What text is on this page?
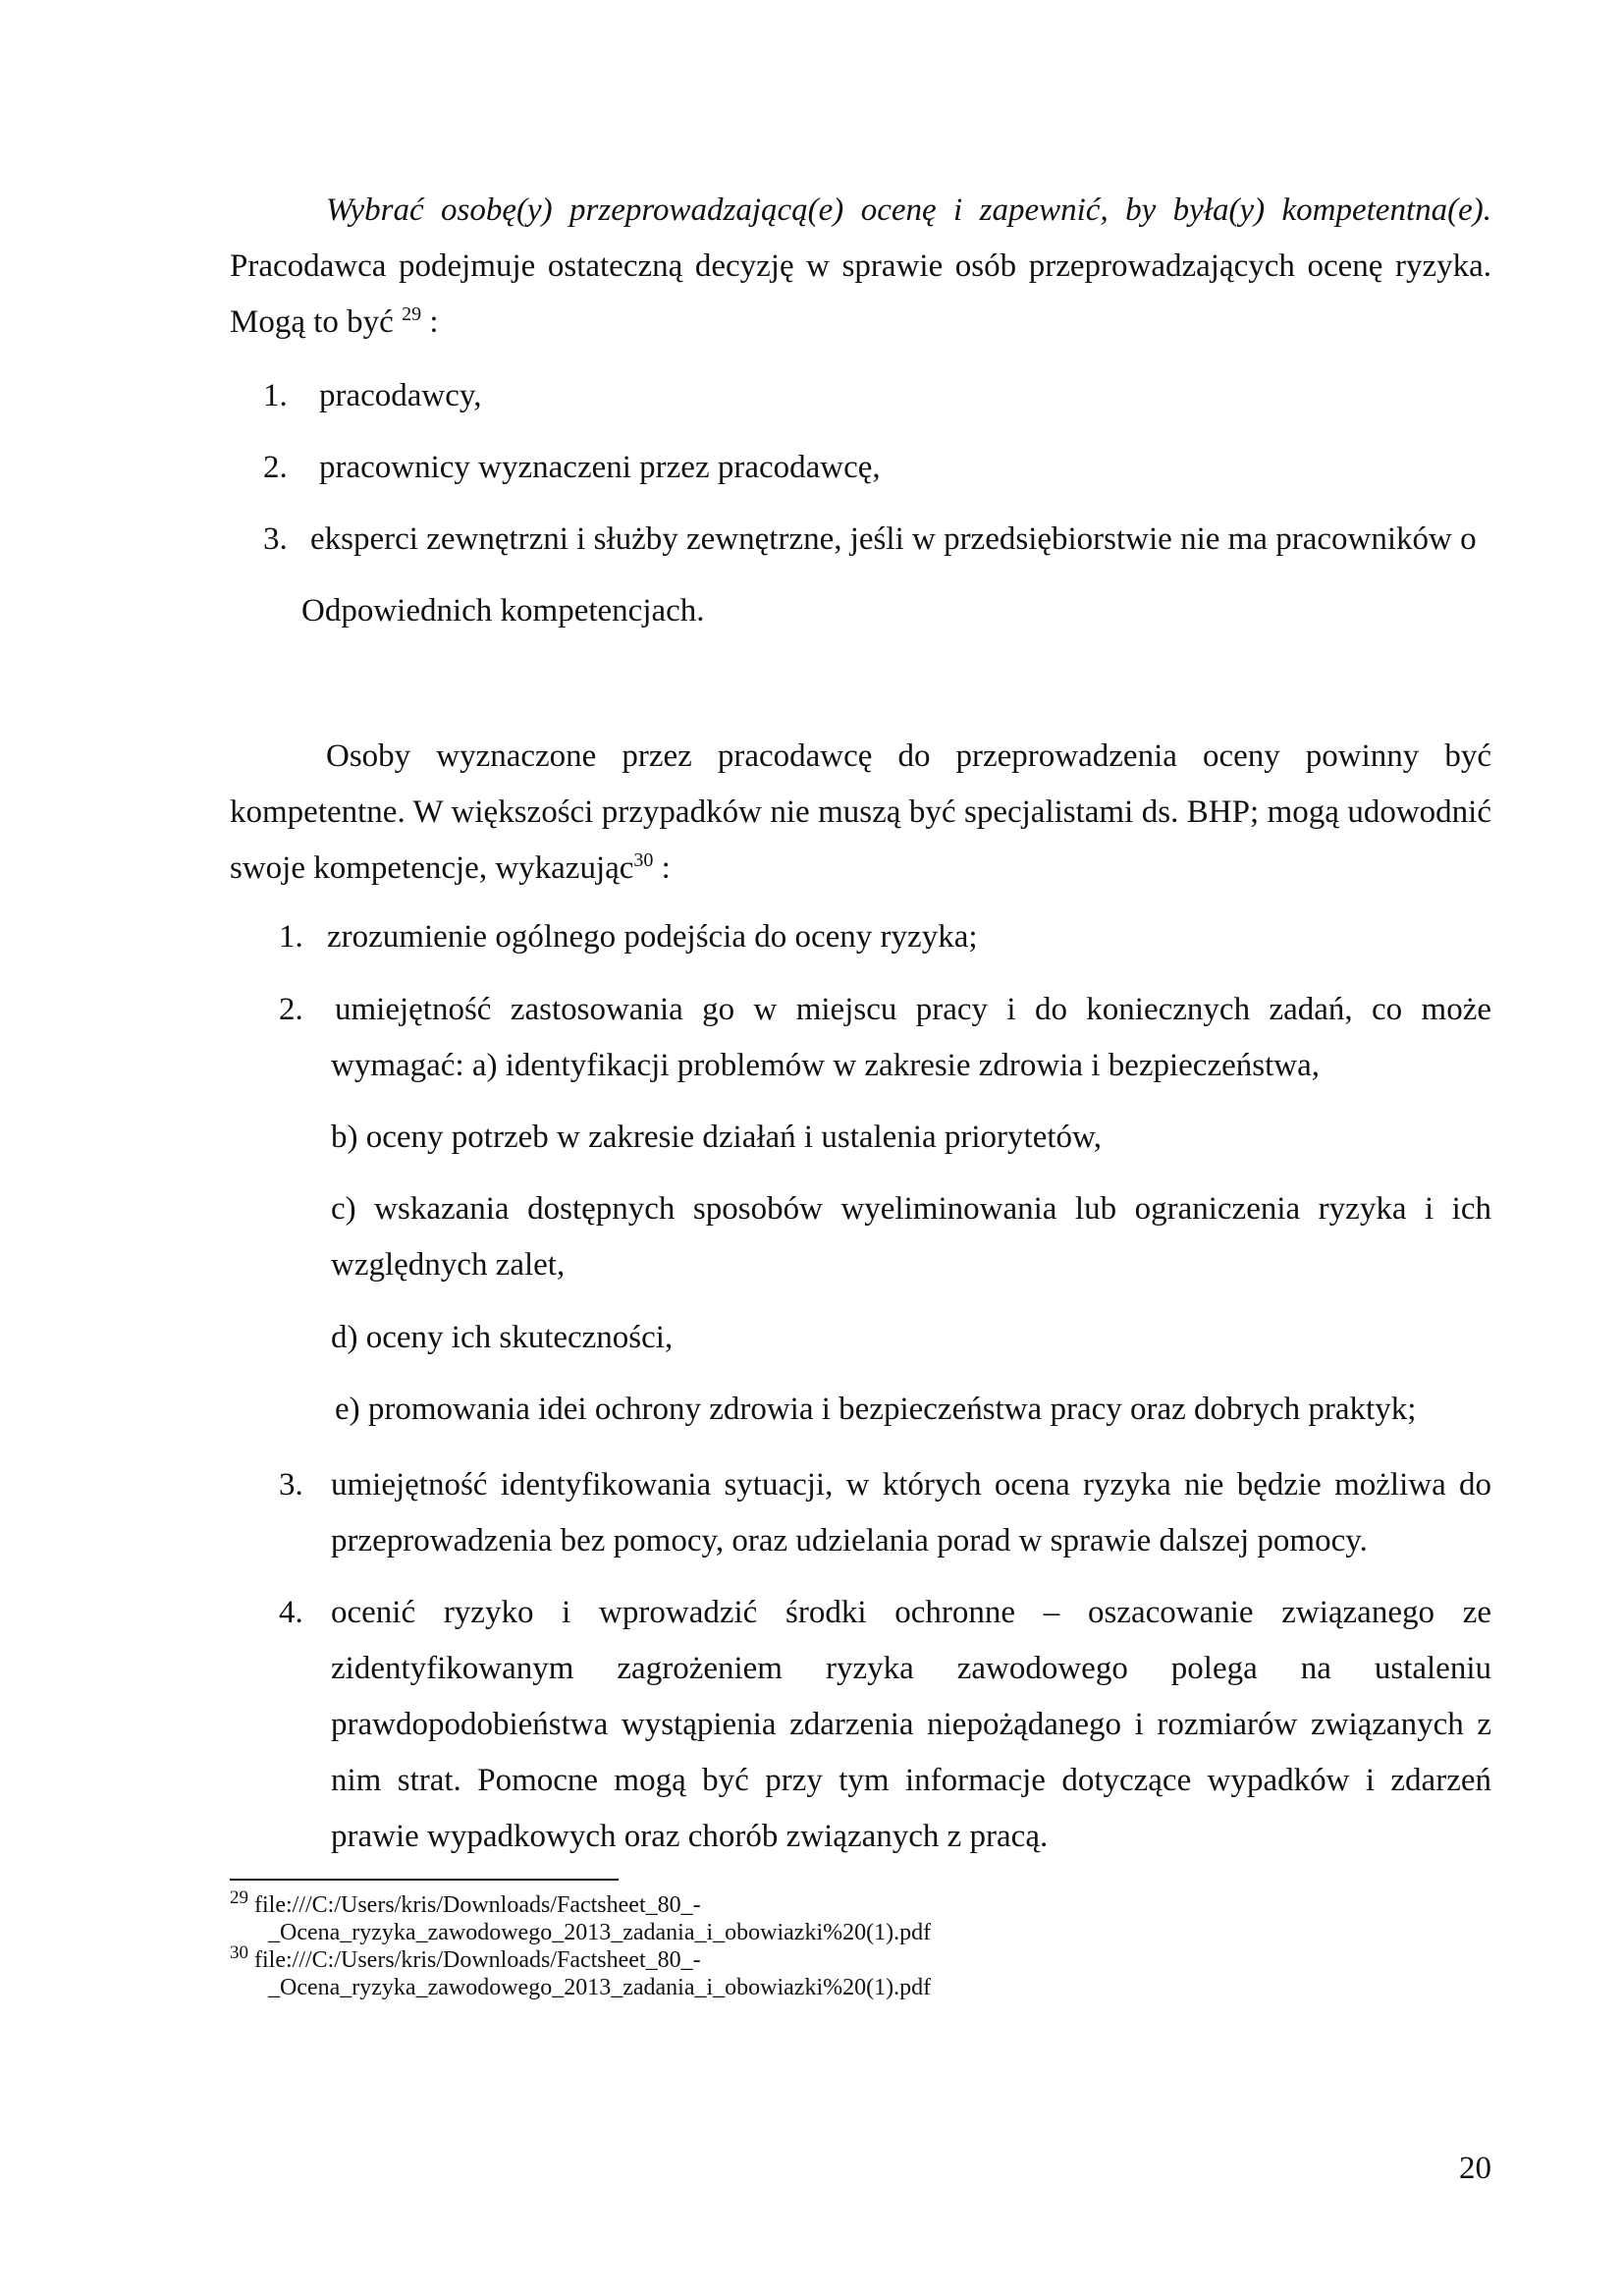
Wybrać osobę(y) przeprowadzającą(e) ocenę i zapewnić, by była(y) kompetentna(e). Pracodawca podejmuje ostateczną decyzję w sprawie osób przeprowadzających ocenę ryzyka. Mogą to być $^{29}$ :
1. pracodawcy,
2. pracownicy wyznaczeni przez pracodawcę,
3. eksperci zewnętrzni i służby zewnętrzne, jeśli w przedsiębiorstwie nie ma pracowników o
Odpowiednich kompetencjach.
Osoby wyznaczone przez pracodawcę do przeprowadzenia oceny powinny być kompetentne. W większości przypadków nie muszą być specjalistami ds. BHP; mogą udowodnić swoje kompetencje, wykazując$^{30}$ :
1. zrozumienie ogólnego podejścia do oceny ryzyka;
2. umiejętność zastosowania go w miejscu pracy i do koniecznych zadań, co może wymagać: a) identyfikacji problemów w zakresie zdrowia i bezpieczeństwa,
b) oceny potrzeb w zakresie działań i ustalenia priorytetów,
c) wskazania dostępnych sposobów wyeliminowania lub ograniczenia ryzyka i ich względnych zalet,
d) oceny ich skuteczności,
e) promowania idei ochrony zdrowia i bezpieczeństwa pracy oraz dobrych praktyk;
3. umiejętność identyfikowania sytuacji, w których ocena ryzyka nie będzie możliwa do przeprowadzenia bez pomocy, oraz udzielania porad w sprawie dalszej pomocy.
4. ocenić ryzyko i wprowadzić środki ochronne – oszacowanie związanego ze zidentyfikowanym zagrożeniem ryzyka zawodowego polega na ustaleniu prawdopodobieństwa wystąpienia zdarzenia niepożądanego i rozmiarów związanych z nim strat. Pomocne mogą być przy tym informacje dotyczące wypadków i zdarzeń prawie wypadkowych oraz chorób związanych z pracą.
$^{29}$ file:///C:/Users/kris/Downloads/Factsheet_80_-
_Ocena_ryzyka_zawodowego_2013_zadania_i_obowiazki%20(1).pdf
$^{30}$ file:///C:/Users/kris/Downloads/Factsheet_80_-
_Ocena_ryzyka_zawodowego_2013_zadania_i_obowiazki%20(1).pdf
20
